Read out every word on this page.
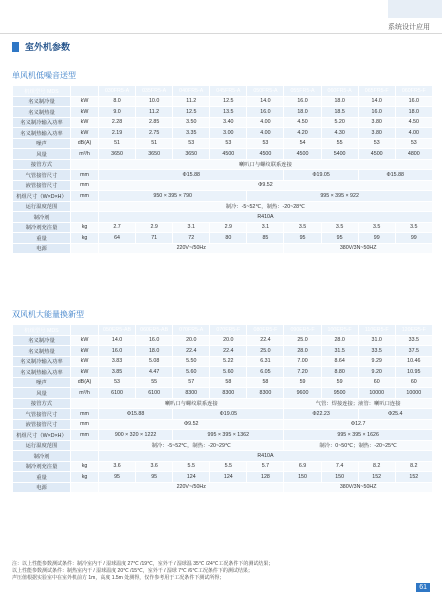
系统设计应用
室外机参数
单风机低噪音送型
机组型号 MDS		030FR5-A	035FR5-A	040FR5-A	045FR5-A	050FR5-A	055FR5-A	060FR5-A	065FR5-F	060FR5-F
名义制冷量	kW	8.0	10.0	11.2	12.5	14.0	16.0	18.0	14.0	16.0
名义制热量	kW	9.0	11.2	12.5	13.5	16.0	18.0	18.5	16.0	18.0
名义制冷输入功率	kW	2.28	2.85	3.50	3.40	4.00	4.50	5.20	3.80	4.50
名义制热输入功率	kW	2.19	2.75	3.35	3.00	4.00	4.20	4.30	3.80	4.00
噪声	dB(A)	51	51	53	53	53	54	55	53	53
风量	m³/h	3650	3650	3650	4500	4500	4500	5400	4500	4800
接管方式		喇叭口与螺纹联系连接								
气管接管尺寸	mm	Φ15.88					Φ19.05		Φ15.88	
液管接管尺寸	mm	Φ9.52								
机组尺寸（W×D×H）	mm	950 × 395 × 790				995 × 395 × 922				
运行温度范围		制冷：-5~52℃，制热：-20~28℃								
制冷剂		R410A								
制冷剂充注量	kg	2.7	2.9	3.1	2.9	3.1	3.5	3.5	3.5	3.5
重量	kg	64	71	72	80	85	95	95	99	99
电源		220V~/50Hz					380V/3N~50HZ			
双风机大能量换新型
机组型号 MDS		050ER5-AB	060ER5-AB	070FR5-A	070FR5-F	080FR5-F	090ER5-F	100ER5-F	110ER5-F	120ER5-F
名义制冷量	kW	14.0	16.0	20.0	20.0	22.4	25.0	28.0	31.0	33.5
名义制热量	kW	16.0	18.0	22.4	22.4	25.0	28.0	31.5	33.5	37.5
名义制冷输入功率	kW	3.83	5.08	5.50	5.22	6.31	7.00	8.64	9.29	10.46
名义制热输入功率	kW	3.85	4.47	5.60	5.60	6.05	7.20	8.80	9.20	10.95
噪声	dB(A)	53	55	57	58	58	59	59	60	60
风量	m³/h	6100	6100	8300	8300	8300	9600	9500	10000	10000
接管方式		喇叭口与螺纹联系连接					气管：焊接连接；液管：喇叭口连接			
气管接管尺寸	mm	Φ15.88		Φ19.05			Φ22.23		Φ25.4	
液管接管尺寸	mm	Φ9.52					Φ12.7			
机组尺寸（W×D×H）	mm	900 × 320 × 1222		995 × 395 × 1362			995 × 395 × 1626			
运行温度范围		制冷：-5~52℃，制热：-20~29℃					制冷：0~50℃；制热：-20~25℃			
制冷剂		R410A								
制冷剂充注量	kg	3.6	3.6	5.5	5.5	5.7	6.9	7.4	8.2	8.2
重量	kg	95	95	124	124	128	150	150	152	152
电源		220V~/50Hz					380V/3N~50HZ			
注：以上性能参数测试条件：制冷室内干 / 湿球温度 27℃ /19℃，室外干 / 湿球温 35℃ /24℃工况条件下的测试结果；
以上性能参数测试条件：制热室内干 / 湿球温度 20℃ /15℃，室外干 / 湿球 7℃ /6℃工况条件下的测试结果；
声压值根据实验室中在室外机前方 1m，高度 1.5m 处测得，仅作参考用于工况条件下测试所得；
61
